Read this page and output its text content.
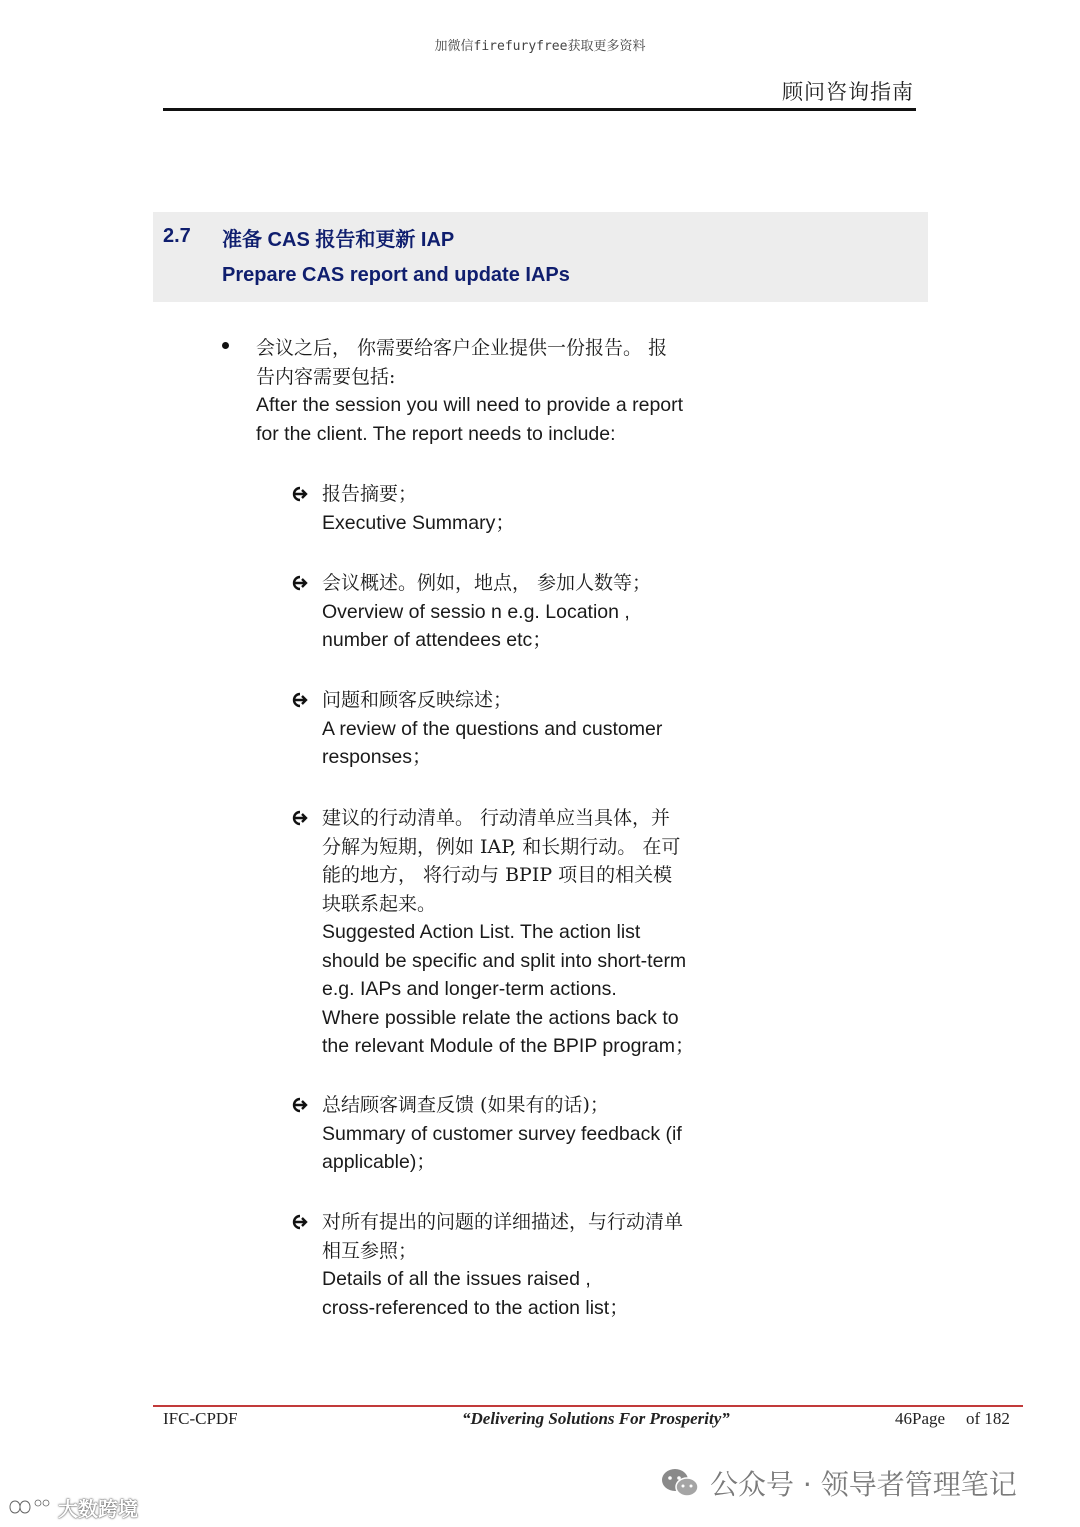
加微信firefuryfree获取更多资料
顾问咨询指南
2.7 准备 CAS 报告和更新 IAP
Prepare CAS report and update IAPs
会议之后， 你需要给客户企业提供一份报告。 报
告内容需要包括:
After the session you will need to provide a report
for the client. The report needs to include:
报告摘要；
Executive Summary；
会议概述。例如，地点， 参加人数等；
Overview of sessio n e.g. Location ,
number of attendees etc；
问题和顾客反映综述；
A review of the questions and customer
responses；
建议的行动清单。 行动清单应当具体，并
分解为短期，例如 IAP, 和长期行动。 在可
能的地方， 将行动与 BPIP 项目的相关模
块联系起来。
Suggested Action List. The action list
should be specific and split into short-term
e.g. IAPs and longer-term actions.
Where possible relate the actions back to
the relevant Module of the BPIP program；
总结顾客调查反馈 (如果有的话)；
Summary of customer survey feedback (if
applicable)；
对所有提出的问题的详细描述，与行动清单
相互参照；
Details of all the issues raised ,
cross-referenced to the action list；
IFC-CPDF	“Delivering Solutions For Prosperity”	46Page of 182
公众号 · 领导者管理笔记
大数跨境
